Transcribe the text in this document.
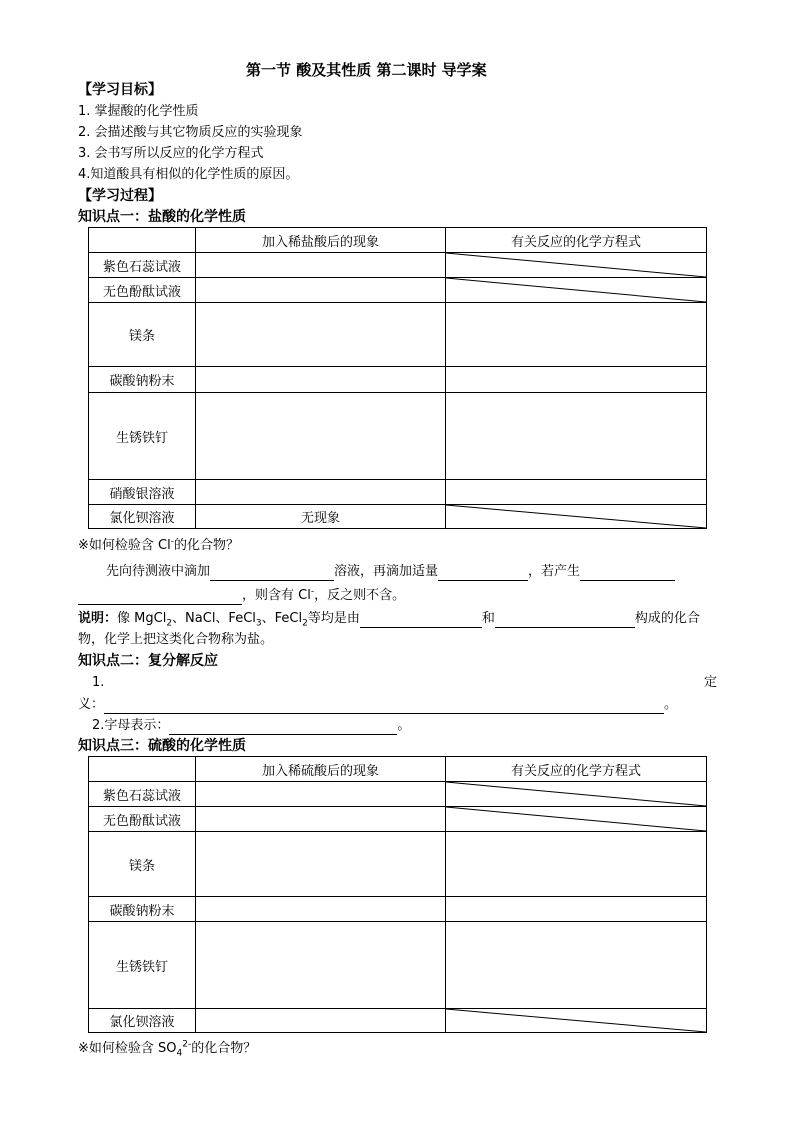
第一节 酸及其性质 第二课时 导学案
【学习目标】
1. 掌握酸的化学性质
2. 会描述酸与其它物质反应的实验现象
3. 会书写所以反应的化学方程式
4.知道酸具有相似的化学性质的原因。
【学习过程】
知识点一：盐酸的化学性质
	加入稀盐酸后的现象	有关反应的化学方程式
紫色石蕊试液		

无色酚酞试液		

镁条		
碳酸钠粉末		
生锈铁钉		
硝酸银溶液		
氯化钡溶液	无现象	
※如何检验含 Cl-的化合物？
先向待测液中滴加	溶液，再滴加适量	，若产生
，则含有 Cl-，反之则不含。
说明：像 MgCl$_2$、NaCl、FeCl$_3$、FeCl$_2$等均是由	和	构成的化合
物，化学上把这类化合物称为盐。
知识点二：复分解反应
1.	定
义：	。
2.字母表示：	。
知识点三：硫酸的化学性质
	加入稀硫酸后的现象	有关反应的化学方程式
紫色石蕊试液		

无色酚酞试液		

镁条		
碳酸钠粉末		
生锈铁钉		
氯化钡溶液		
※如何检验含 $SO_4^{2-}$的化合物？
